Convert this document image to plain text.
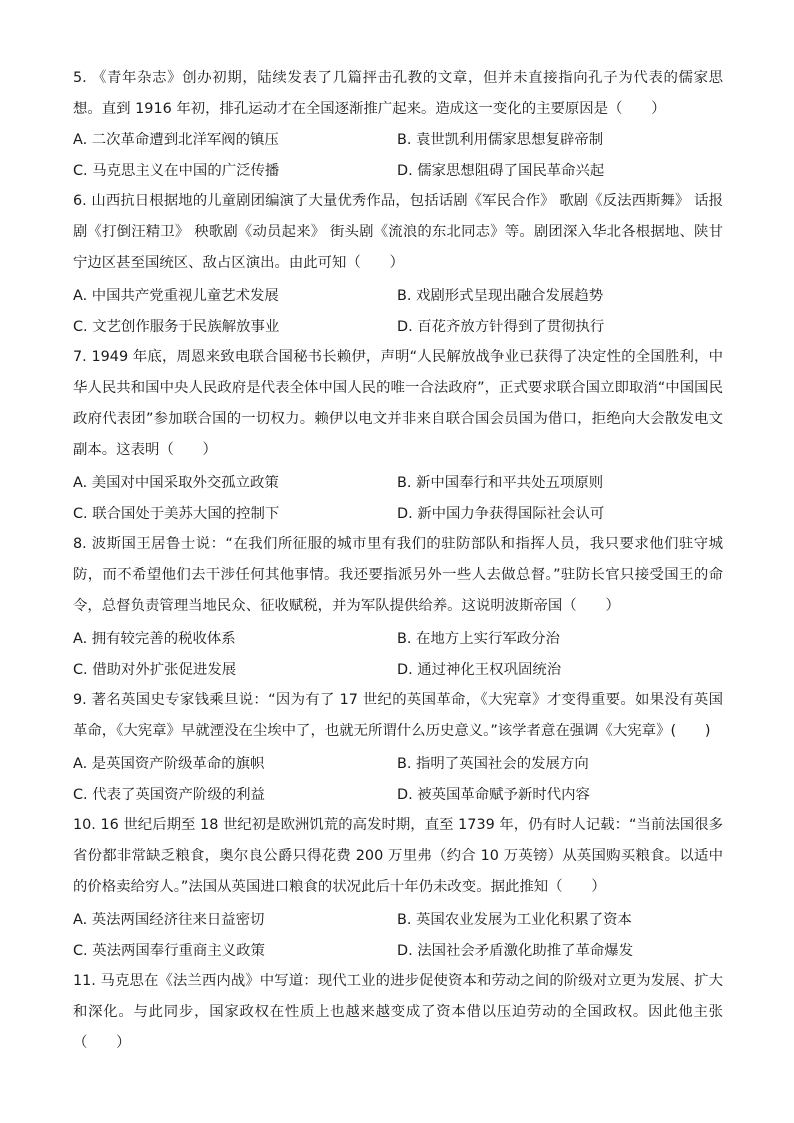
5. 《青年杂志》创办初期，陆续发表了几篇抨击孔教的文章，但并未直接指向孔子为代表的儒家思想。直到 1916 年初，排孔运动才在全国逐渐推广起来。造成这一变化的主要原因是（　　）

A. 二次革命遭到北洋军阀的镇压	B. 袁世凯利用儒家思想复辟帝制
C. 马克思主义在中国的广泛传播	D. 儒家思想阻碍了国民革命兴起

6. 山西抗日根据地的儿童剧团编演了大量优秀作品，包括话剧《军民合作》 歌剧《反法西斯舞》 话报剧《打倒汪精卫》 秧歌剧《动员起来》 街头剧《流浪的东北同志》等。剧团深入华北各根据地、陕甘宁边区甚至国统区、敌占区演出。由此可知（　　）

A. 中国共产党重视儿童艺术发展	B. 戏剧形式呈现出融合发展趋势
C. 文艺创作服务于民族解放事业	D. 百花齐放方针得到了贯彻执行

7. 1949 年底，周恩来致电联合国秘书长赖伊，声明“人民解放战争业已获得了决定性的全国胜利，中华人民共和国中央人民政府是代表全体中国人民的唯一合法政府”，正式要求联合国立即取消“中国国民政府代表团”参加联合国的一切权力。赖伊以电文并非来自联合国会员国为借口，拒绝向大会散发电文副本。这表明（　　）

A. 美国对中国采取外交孤立政策	B. 新中国奉行和平共处五项原则
C. 联合国处于美苏大国的控制下	D. 新中国力争获得国际社会认可

8. 波斯国王居鲁士说：“在我们所征服的城市里有我们的驻防部队和指挥人员，我只要求他们驻守城防，而不希望他们去干涉任何其他事情。我还要指派另外一些人去做总督。”驻防长官只接受国王的命令，总督负责管理当地民众、征收赋税，并为军队提供给养。这说明波斯帝国（　　）

A. 拥有较完善的税收体系	B. 在地方上实行军政分治
C. 借助对外扩张促进发展	D. 通过神化王权巩固统治

9. 著名英国史专家钱乘旦说：“因为有了 17 世纪的英国革命，《大宪章》才变得重要。如果没有英国革命，《大宪章》早就湮没在尘埃中了，也就无所谓什么历史意义。”该学者意在强调《大宪章》(　　)

A. 是英国资产阶级革命的旗帜	B. 指明了英国社会的发展方向
C. 代表了英国资产阶级的利益	D. 被英国革命赋予新时代内容

10. 16 世纪后期至 18 世纪初是欧洲饥荒的高发时期，直至 1739 年，仍有时人记载：“当前法国很多省份都非常缺乏粮食，奥尔良公爵只得花费 200 万里弗（约合 10 万英镑）从英国购买粮食。以适中的价格卖给穷人。”法国从英国进口粮食的状况此后十年仍未改变。据此推知（　　）

A. 英法两国经济往来日益密切	B. 英国农业发展为工业化积累了资本
C. 英法两国奉行重商主义政策	D. 法国社会矛盾激化助推了革命爆发

11. 马克思在《法兰西内战》中写道：现代工业的进步促使资本和劳动之间的阶级对立更为发展、扩大和深化。与此同步，国家政权在性质上也越来越变成了资本借以压迫劳动的全国政权。因此他主张（　　）
